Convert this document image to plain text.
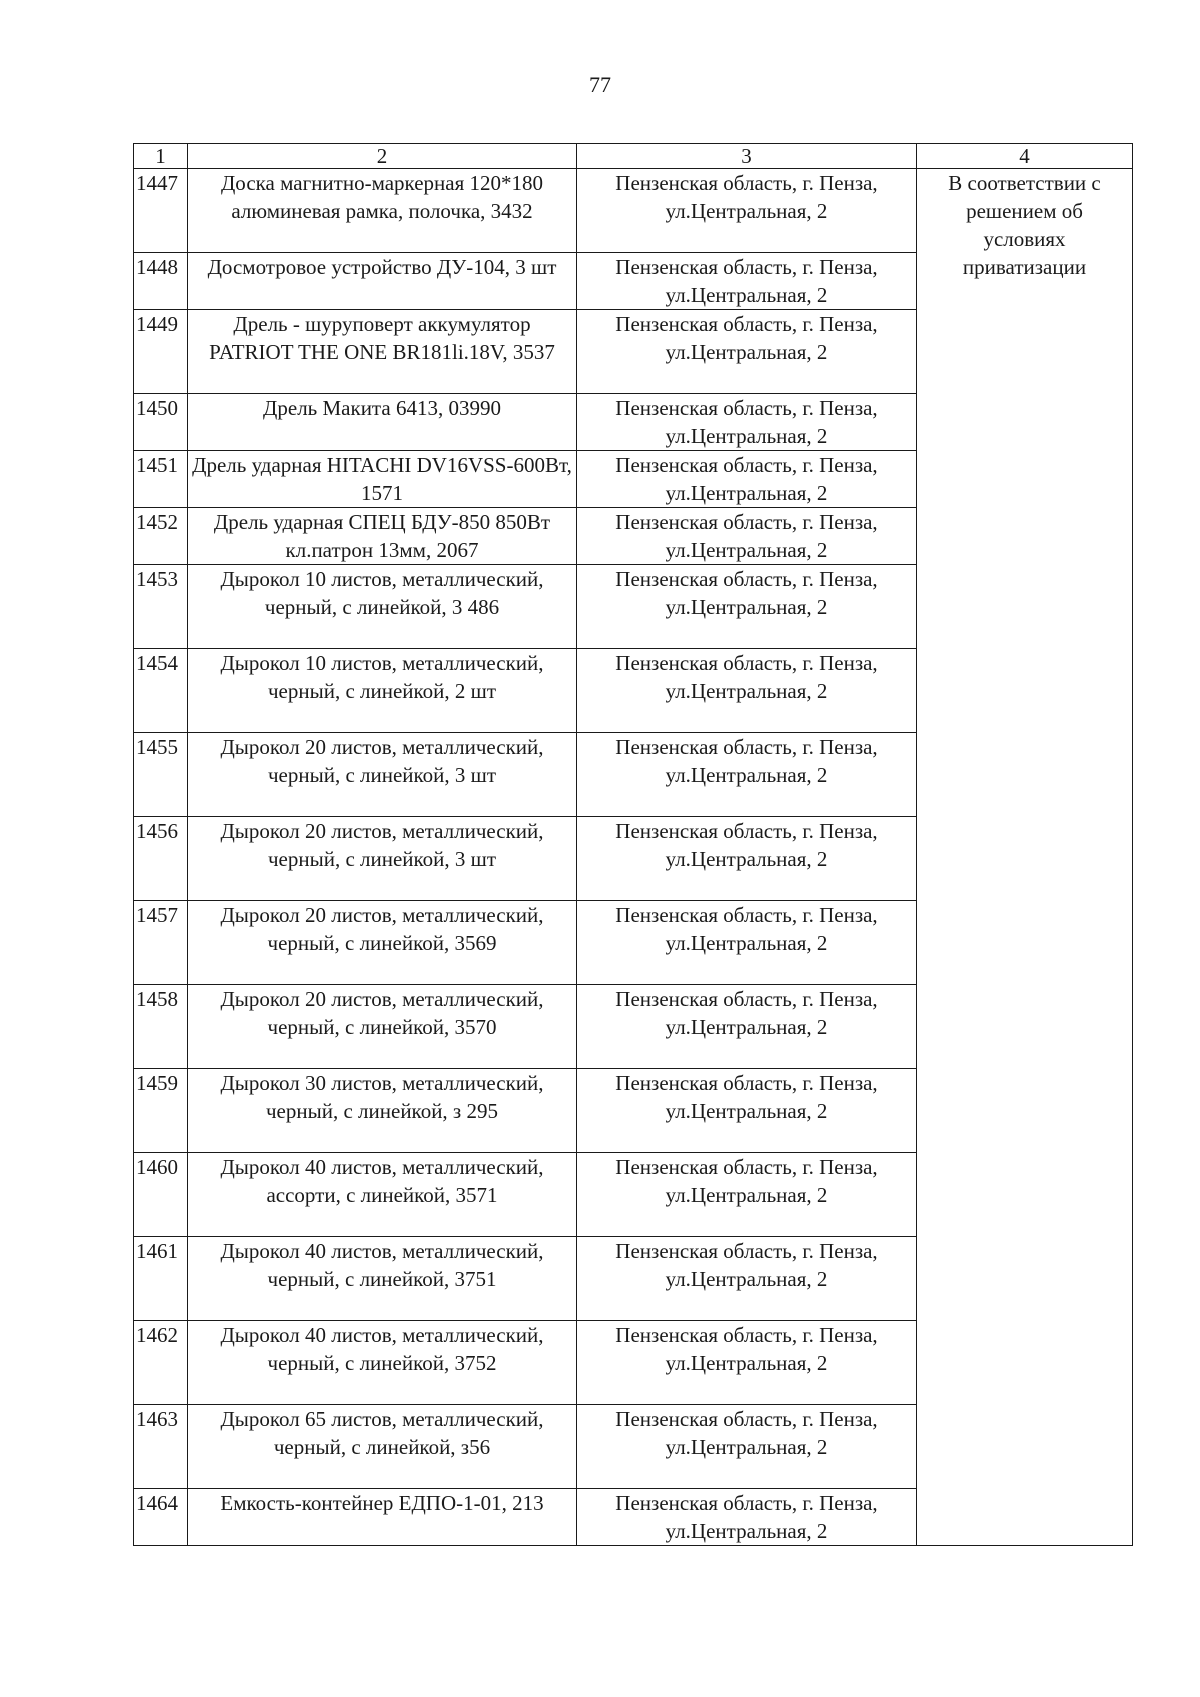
77
1	2	3	4
1447	Доска магнитно-маркерная 120*180 алюминевая рамка, полочка, 3432	Пензенская область, г. Пенза, ул.Центральная, 2	В соответствии с
решением об
условиях
приватизации

1448	Досмотровое устройство ДУ-104, 3 шт	Пензенская область, г. Пенза, ул.Центральная, 2	
1449	Дрель - шуруповерт аккумулятор PATRIOT THE ONE BR181li.18V, 3537	Пензенская область, г. Пенза, ул.Центральная, 2	
1450	Дрель Макита 6413, 03990	Пензенская область, г. Пенза, ул.Центральная, 2	
1451	Дрель ударная HITACHI DV16VSS-600Вт, 1571	Пензенская область, г. Пенза, ул.Центральная, 2	
1452	Дрель ударная СПЕЦ БДУ-850 850Вт кл.патрон 13мм, 2067	Пензенская область, г. Пенза, ул.Центральная, 2	
1453	Дырокол 10 листов, металлический, черный, с линейкой, 3 486	Пензенская область, г. Пенза, ул.Центральная, 2	
1454	Дырокол 10 листов, металлический, черный, с линейкой, 2 шт	Пензенская область, г. Пенза, ул.Центральная, 2	
1455	Дырокол 20 листов, металлический, черный, с линейкой, 3 шт	Пензенская область, г. Пенза, ул.Центральная, 2	
1456	Дырокол 20 листов, металлический, черный, с линейкой, 3 шт	Пензенская область, г. Пенза, ул.Центральная, 2	
1457	Дырокол 20 листов, металлический, черный, с линейкой, 3569	Пензенская область, г. Пенза, ул.Центральная, 2	
1458	Дырокол 20 листов, металлический, черный, с линейкой, 3570	Пензенская область, г. Пенза, ул.Центральная, 2	
1459	Дырокол 30 листов, металлический, черный, с линейкой, з 295	Пензенская область, г. Пенза, ул.Центральная, 2	
1460	Дырокол 40 листов, металлический, ассорти, с линейкой, 3571	Пензенская область, г. Пенза, ул.Центральная, 2	
1461	Дырокол 40 листов, металлический, черный, с линейкой, 3751	Пензенская область, г. Пенза, ул.Центральная, 2	
1462	Дырокол 40 листов, металлический, черный, с линейкой, 3752	Пензенская область, г. Пенза, ул.Центральная, 2	
1463	Дырокол 65 листов, металлический, черный, с линейкой, з56	Пензенская область, г. Пенза, ул.Центральная, 2	
1464	Емкость-контейнер ЕДПО-1-01, 213	Пензенская область, г. Пенза, ул.Центральная, 2	
